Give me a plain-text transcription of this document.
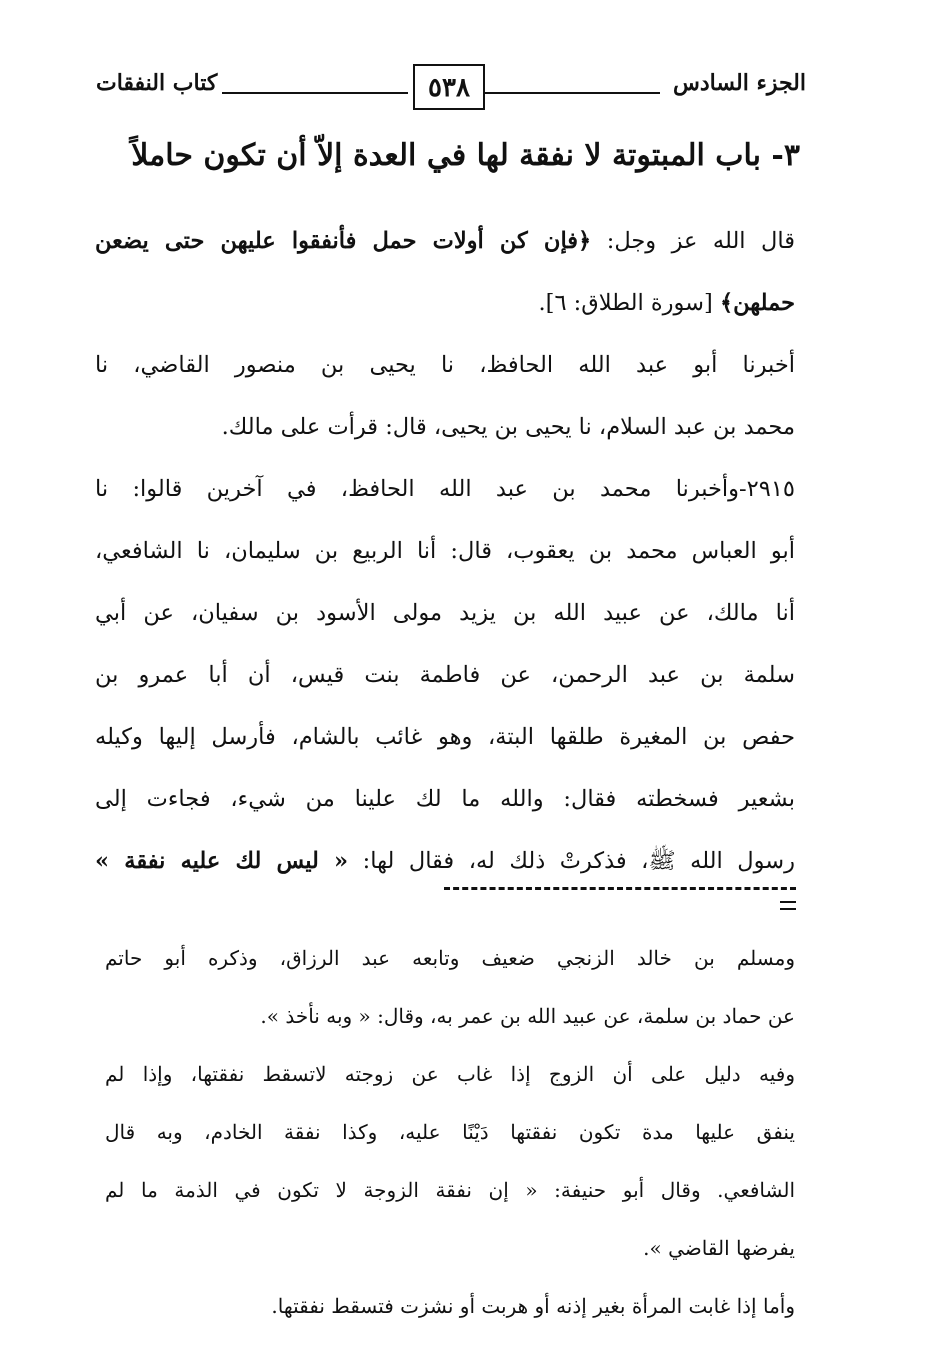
الجزء السادس
٥٣٨
كتاب النفقات
٣- باب المبتوتة لا نفقة لها في العدة إلاّ أن تكون حاملاً
قال الله عز وجل: ﴿فإن كن أولات حمل فأنفقوا عليهن حتى يضعن
حملهن﴾ [سورة الطلاق: ٦].
أخبرنا أبو عبد الله الحافظ، نا يحيى بن منصور القاضي، نا
محمد بن عبد السلام، نا يحيى بن يحيى، قال: قرأت على مالك.
٢٩١٥-وأخبرنا محمد بن عبد الله الحافظ، في آخرين قالوا: نا
أبو العباس محمد بن يعقوب، قال: أنا الربيع بن سليمان، نا الشافعي،
أنا مالك، عن عبيد الله بن يزيد مولى الأسود بن سفيان، عن أبي
سلمة بن عبد الرحمن، عن فاطمة بنت قيس، أن أبا عمرو بن
حفص بن المغيرة طلقها البتة، وهو غائب بالشام، فأرسل إليها وكيله
بشعير فسخطته فقال: والله ما لك علينا من شيء، فجاءت إلى
رسول الله ﷺ، فذكرتْ ذلك له، فقال لها: « ليس لك عليه نفقة »
ومسلم بن خالد الزنجي ضعيف وتابعه عبد الرزاق، وذكره أبو حاتم
عن حماد بن سلمة، عن عبيد الله بن عمر به، وقال: « وبه نأخذ ».
وفيه دليل على أن الزوج إذا غاب عن زوجته لاتسقط نفقتها، وإذا لم
ينفق عليها مدة تكون نفقتها دَيْنًا عليه، وكذا نفقة الخادم، وبه قال
الشافعي. وقال أبو حنيفة: « إن نفقة الزوجة لا تكون في الذمة ما لم
يفرضها القاضي ».
وأما إذا غابت المرأة بغير إذنه أو هربت أو نشزت فتسقط نفقتها.
